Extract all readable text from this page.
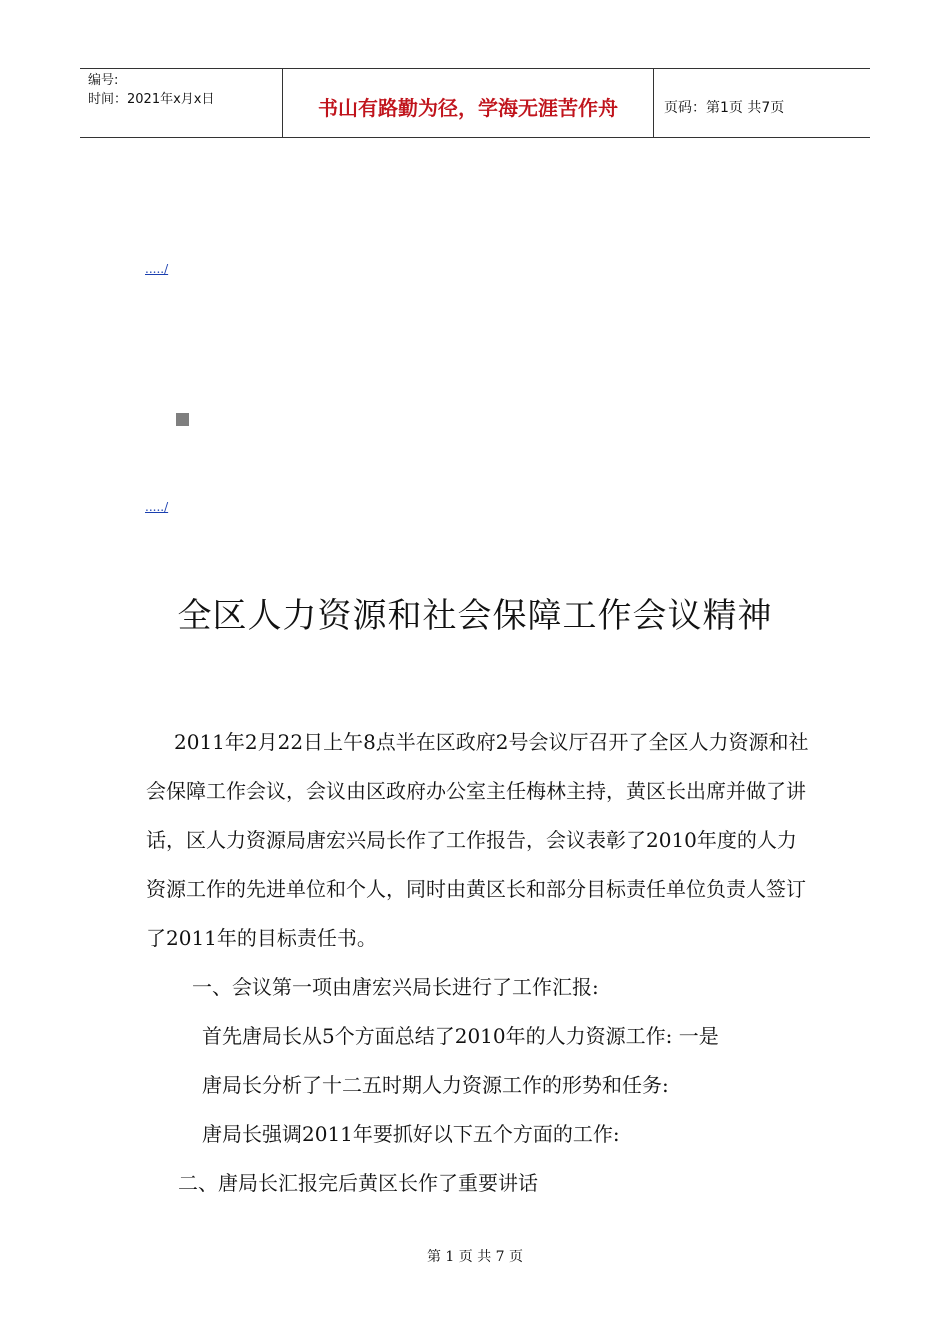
编号:
时间：2021年x月x日	书山有路勤为径，学海无涯苦作舟	页码：第1页 共7页
...../
...../
全区人力资源和社会保障工作会议精神

2011年2月22日上午8点半在区政府2号会议厅召开了全区人力资源和社会保障工作会议，会议由区政府办公室主任梅林主持，黄区长出席并做了讲话，区人力资源局唐宏兴局长作了工作报告，会议表彰了2010年度的人力资源工作的先进单位和个人，同时由黄区长和部分目标责任单位负责人签订了2011年的目标责任书。

一、会议第一项由唐宏兴局长进行了工作汇报:

首先唐局长从5个方面总结了2010年的人力资源工作: 一是

唐局长分析了十二五时期人力资源工作的形势和任务:

唐局长强调2011年要抓好以下五个方面的工作:

二、唐局长汇报完后黄区长作了重要讲话

第 1 页 共 7 页
